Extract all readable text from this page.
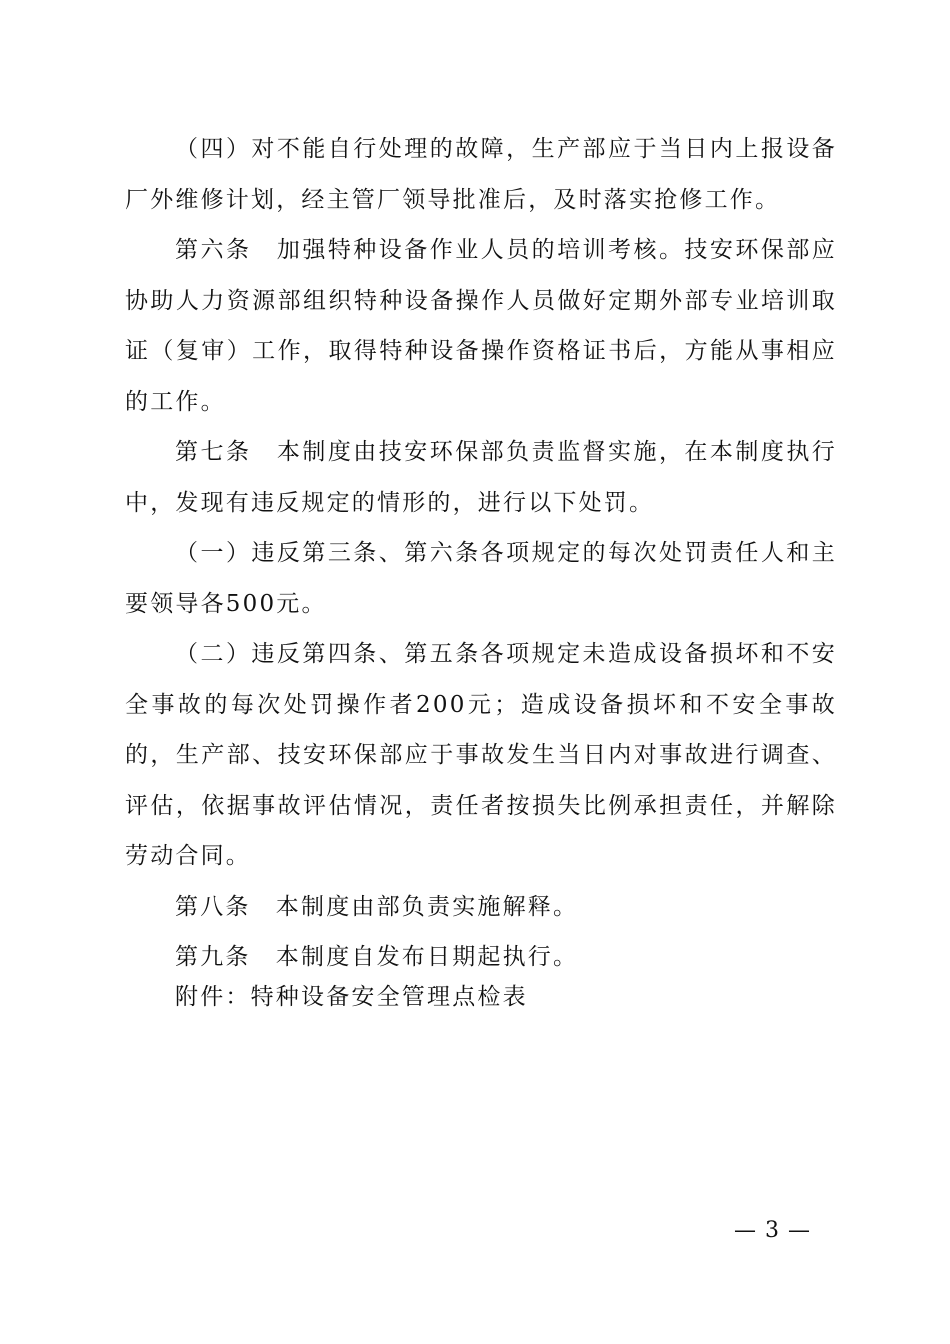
（四）对不能自行处理的故障，生产部应于当日内上报设备厂外维修计划，经主管厂领导批准后，及时落实抢修工作。

第六条　加强特种设备作业人员的培训考核。技安环保部应协助人力资源部组织特种设备操作人员做好定期外部专业培训取证（复审）工作，取得特种设备操作资格证书后，方能从事相应的工作。

第七条　本制度由技安环保部负责监督实施，在本制度执行中，发现有违反规定的情形的，进行以下处罚。

（一）违反第三条、第六条各项规定的每次处罚责任人和主要领导各500元。

（二）违反第四条、第五条各项规定未造成设备损坏和不安全事故的每次处罚操作者200元；造成设备损坏和不安全事故的，生产部、技安环保部应于事故发生当日内对事故进行调查、评估，依据事故评估情况，责任者按损失比例承担责任，并解除劳动合同。

第八条　本制度由部负责实施解释。

第九条　本制度自发布日期起执行。

附件：特种设备安全管理点检表

— 3 —
